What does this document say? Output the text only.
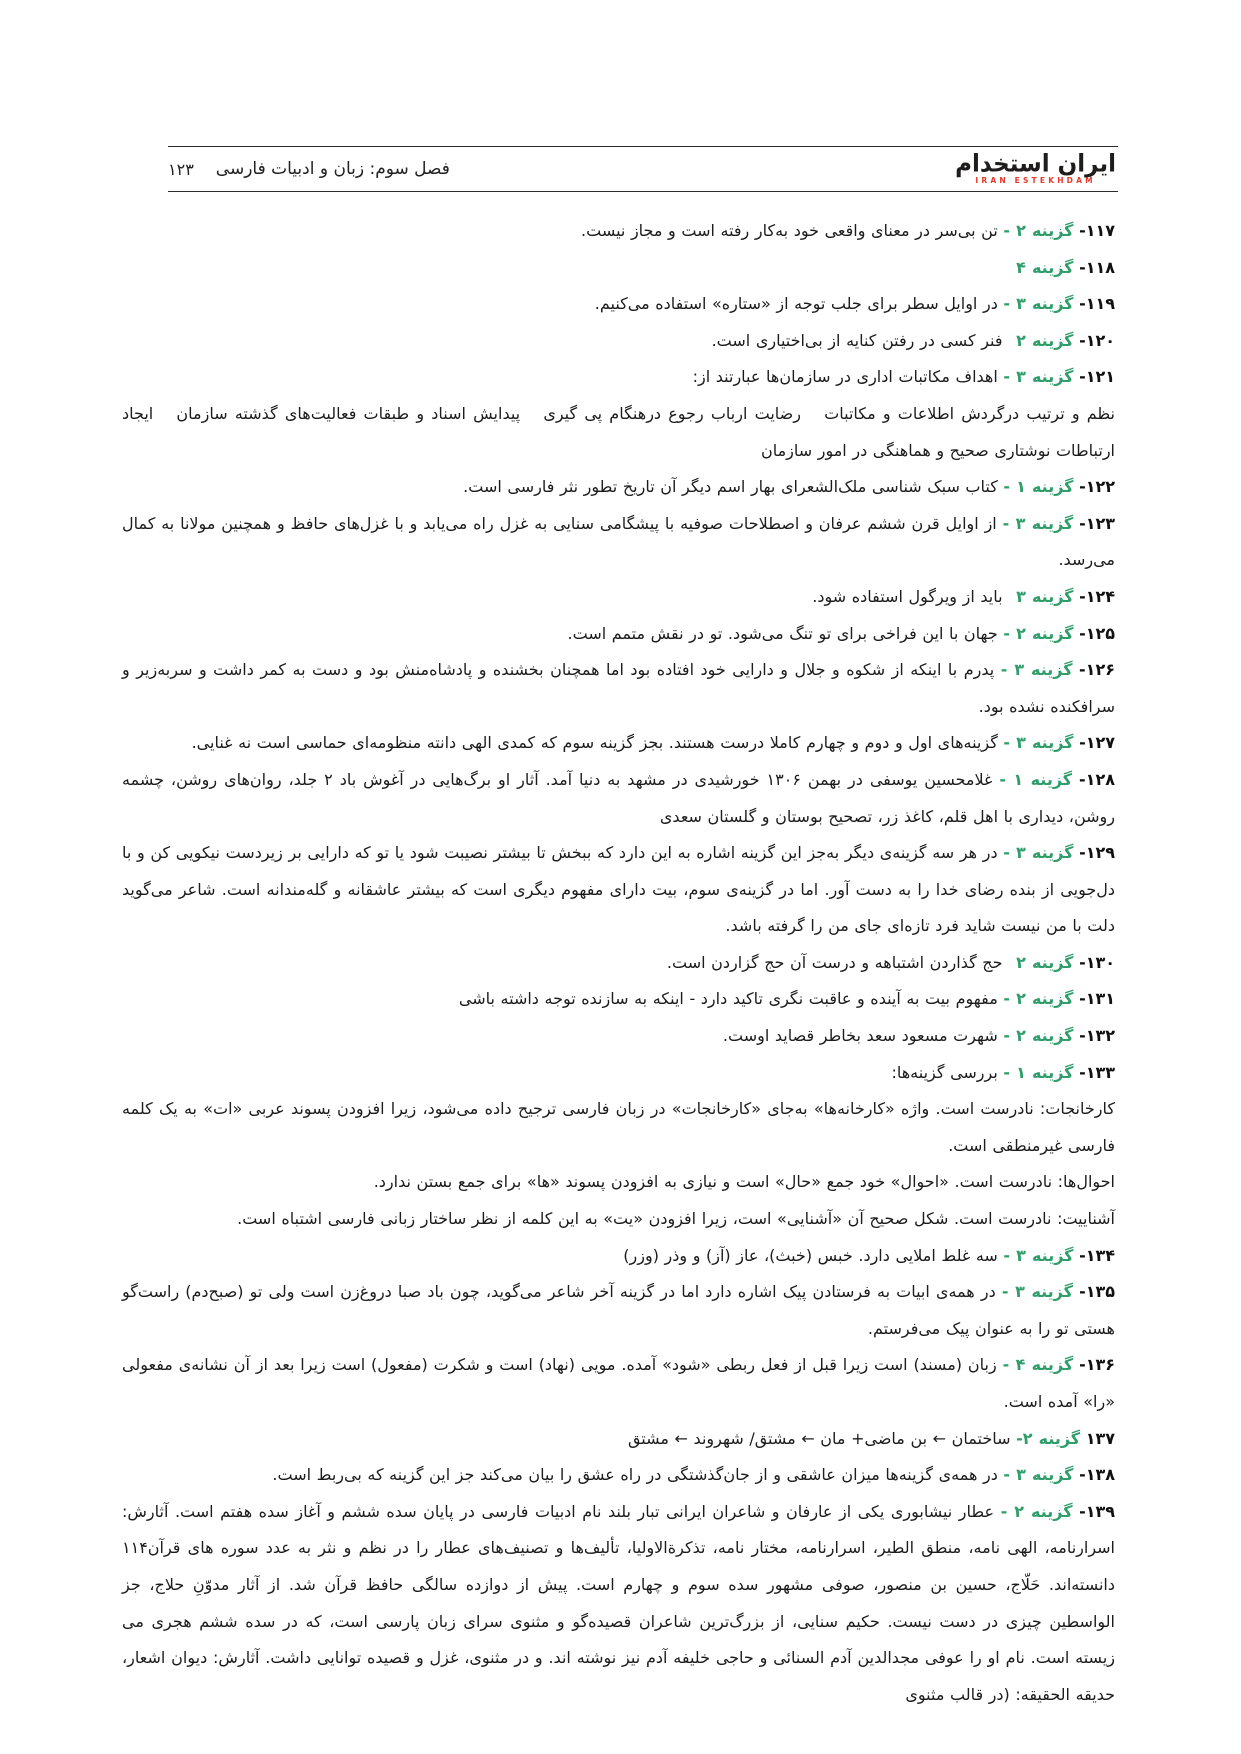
ایران استخدام
IRAN ESTEKHDAM
فصل سوم: زبان و ادبیات فارسی
۱۲۳

۱۱۷- گزینه ۲ - تن بی‌سر در معنای واقعی خود به‌کار رفته است و مجاز نیست.

۱۱۸- گزینه ۴

۱۱۹- گزینه ۳ - در اوایل سطر برای جلب توجه از «ستاره» استفاده می‌کنیم.

۱۲۰- گزینه ۲  فنر کسی در رفتن کنایه از بی‌اختیاری است.

۱۲۱- گزینه ۳ - اهداف مکاتبات اداری در سازمان‌ها عبارتند از:

نظم و ترتیب درگردش اطلاعات و مکاتبات  رضایت ارباب رجوع درهنگام پی گیری  پیدایش اسناد و طبقات فعالیت‌های گذشته سازمان  ایجاد ارتباطات نوشتاری صحیح و هماهنگی در امور سازمان

۱۲۲- گزینه ۱ - کتاب سبک شناسی ملک‌الشعرای بهار اسم دیگر آن تاریخ تطور نثر فارسی است.

۱۲۳- گزینه ۳ - از اوایل قرن ششم عرفان و اصطلاحات صوفیه با پیشگامی سنایی به غزل راه می‌یابد و با غزل‌های حافظ و همچنین مولانا به کمال می‌رسد.

۱۲۴- گزینه ۳  باید از ویرگول استفاده شود.

۱۲۵- گزینه ۲ - جهان با این فراخی برای تو تنگ می‌شود. تو در نقش متمم است.

۱۲۶- گزینه ۳ - پدرم با اینکه از شکوه و جلال و دارایی خود افتاده بود اما همچنان بخشنده و پادشاه‌منش بود و دست به کمر داشت و سربه‌زیر و سرافکنده نشده بود.

۱۲۷- گزینه ۳ - گزینه‌های اول و دوم و چهارم کاملا درست هستند. بجز گزینه سوم که کمدی الهی دانته منظومه‌ای حماسی است نه غنایی.

۱۲۸- گزینه ۱ - غلامحسین یوسفی در بهمن ۱۳۰۶ خورشیدی در مشهد به دنیا آمد. آثار او برگ‌هایی در آغوش باد ۲ جلد، روان‌های روشن، چشمه روشن، دیداری با اهل قلم، کاغذ زر، تصحیح بوستان و گلستان سعدی

۱۲۹- گزینه ۳ - در هر سه گزینه‌ی دیگر به‌جز این گزینه اشاره به این دارد که ببخش تا بیشتر نصیبت شود یا تو که دارایی بر زیردست نیکویی کن و با دل‌جویی از بنده رضای خدا را به دست آور. اما در گزینه‌ی سوم، بیت دارای مفهوم دیگری است که بیشتر عاشقانه و گله‌مندانه است. شاعر می‌گوید دلت با من نیست شاید فرد تازه‌ای جای من را گرفته باشد.

۱۳۰- گزینه ۲  حج گذاردن اشتباهه و درست آن حج گزاردن است.

۱۳۱- گزینه ۲ - مفهوم بیت به آینده و عاقبت نگری تاکید دارد - اینکه به سازنده توجه داشته باشی

۱۳۲- گزینه ۲ - شهرت مسعود سعد بخاطر قصاید اوست.

۱۳۳- گزینه ۱ - بررسی گزینه‌ها:

کارخانجات: نادرست است. واژه «کارخانه‌ها» به‌جای «کارخانجات» در زبان فارسی ترجیح داده می‌شود، زیرا افزودن پسوند عربی «ات» به یک کلمه فارسی غیرمنطقی است.

احوال‌ها: نادرست است. «احوال» خود جمع «حال» است و نیازی به افزودن پسوند «ها» برای جمع بستن ندارد.

آشناییت: نادرست است. شکل صحیح آن «آشنایی» است، زیرا افزودن «یت» به این کلمه از نظر ساختار زبانی فارسی اشتباه است.

۱۳۴- گزینه ۳ - سه غلط املایی دارد. خبس (خبث)، عاز (آز) و وذر (وزر)

۱۳۵- گزینه ۳ - در همه‌ی ابیات به فرستادن پیک اشاره دارد اما در گزینه آخر شاعر می‌گوید، چون باد صبا دروغ‌زن است ولی تو (صبح‌دم) راست‌گو هستی تو را به عنوان پیک می‌فرستم.

۱۳۶- گزینه ۴ - زبان (مسند) است زیرا قبل از فعل ربطی «شود» آمده. مویی (نهاد) است و شکرت (مفعول) است زیرا بعد از آن نشانه‌ی مفعولی «را» آمده است.

۱۳۷ گزینه ۲- ساختمان ← بن ماضی+ مان ← مشتق/ شهروند ← مشتق

۱۳۸- گزینه ۳ - در همه‌ی گزینه‌ها میزان عاشقی و از جان‌گذشتگی در راه عشق را بیان می‌کند جز این گزینه که بی‌ربط است.

۱۳۹- گزینه ۲ - عطار نیشابوری یکی از عارفان و شاعران ایرانی تبار بلند نام ادبیات فارسی در پایان سده ششم و آغاز سده هفتم است. آثارش: اسرارنامه، الهی نامه، منطق الطیر، اسرارنامه، مختار نامه، تذکرةالاولیا، تألیف‌ها و تصنیف‌های عطار را در نظم و نثر به عدد سوره های قرآن۱۱۴ دانسته‌اند. حَلّاج، حسین بن منصور، صوفی مشهور سده سوم و چهارم است. پیش از دوازده سالگی حافظ قرآن شد. از آثار مدوّنِ حلاج، جز الواسطین چیزی در دست نیست. حکیم سنایی، از بزرگ‌ترین شاعران قصیده‌گو و مثنوی سرای زبان پارسی است، که در سده ششم هجری می زیسته است. نام او را عوفی مجدالدین آدم السنائی و حاجی خلیفه آدم نیز نوشته اند. و در مثنوی، غزل و قصیده توانایی داشت. آثارش: دیوان اشعار، حدیقه الحقیقه: (در قالب مثنوی
